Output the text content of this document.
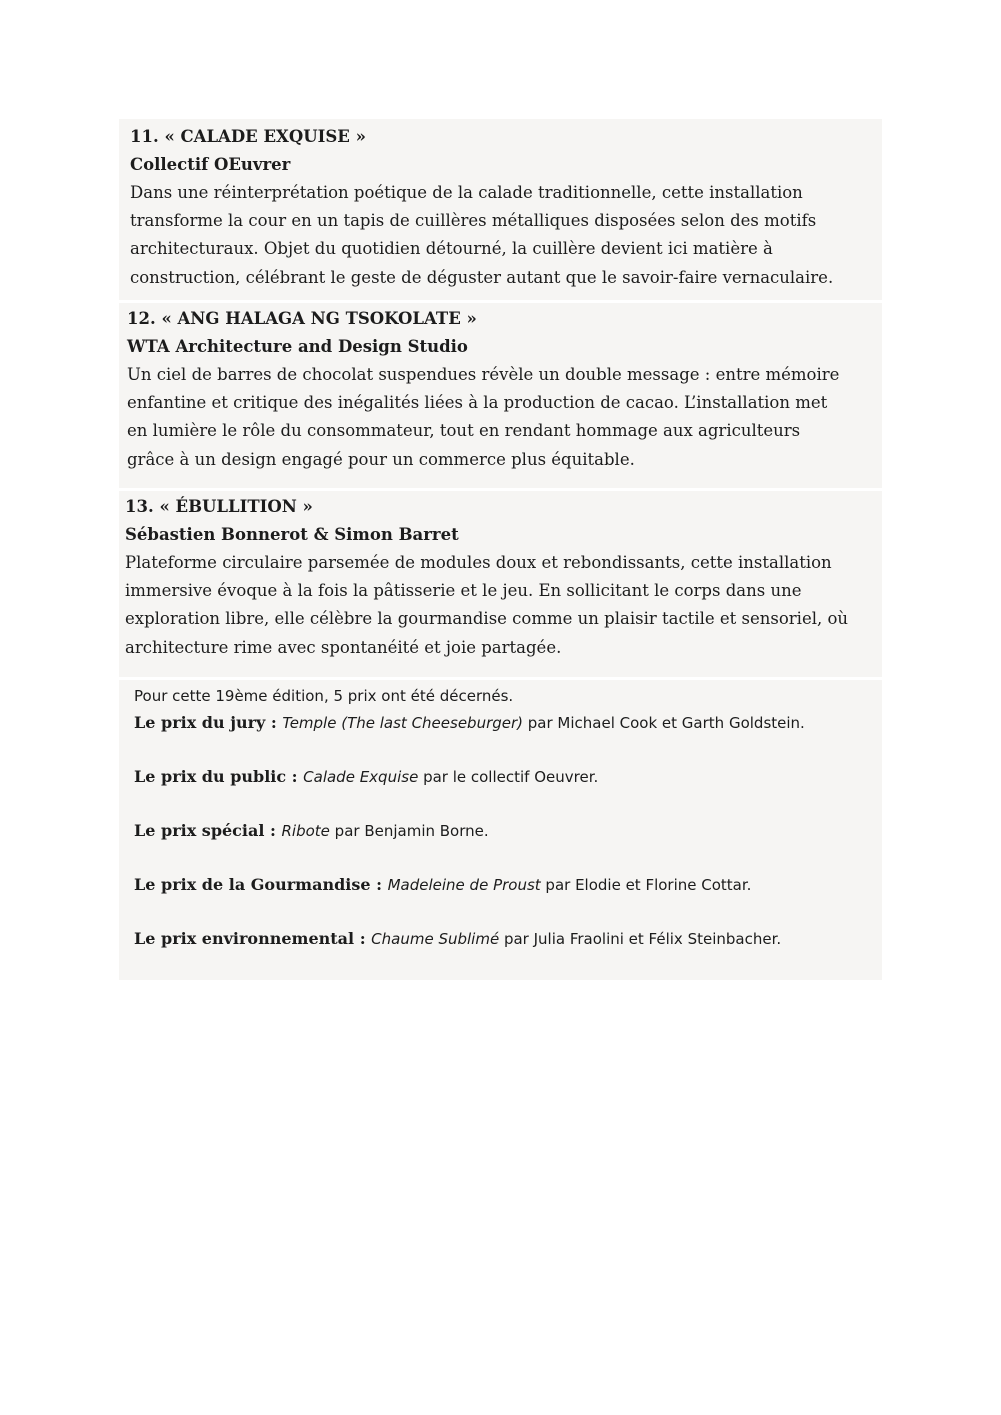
11. « CALADE EXQUISE »

Collectif OEuvrer

Dans une réinterprétation poétique de la calade traditionnelle, cette installation transforme la cour en un tapis de cuillères métalliques disposées selon des motifs architecturaux. Objet du quotidien détourné, la cuillère devient ici matière à construction, célébrant le geste de déguster autant que le savoir-faire vernaculaire.

12. « ANG HALAGA NG TSOKOLATE »

WTA Architecture and Design Studio

Un ciel de barres de chocolat suspendues révèle un double message : entre mémoire enfantine et critique des inégalités liées à la production de cacao. L’installation met en lumière le rôle du consommateur, tout en rendant hommage aux agriculteurs grâce à un design engagé pour un commerce plus équitable.

13. « ÉBULLITION »

Sébastien Bonnerot & Simon Barret

Plateforme circulaire parsemée de modules doux et rebondissants, cette installation immersive évoque à la fois la pâtisserie et le jeu. En sollicitant le corps dans une exploration libre, elle célèbre la gourmandise comme un plaisir tactile et sensoriel, où architecture rime avec spontanéité et joie partagée.

Pour cette 19ème édition, 5 prix ont été décernés.

Le prix du jury : Temple (The last Cheeseburger) par Michael Cook et Garth Goldstein.

Le prix du public : Calade Exquise par le collectif Oeuvrer.

Le prix spécial : Ribote par Benjamin Borne.

Le prix de la Gourmandise : Madeleine de Proust par Elodie et Florine Cottar.

Le prix environnemental : Chaume Sublimé par Julia Fraolini et Félix Steinbacher.
